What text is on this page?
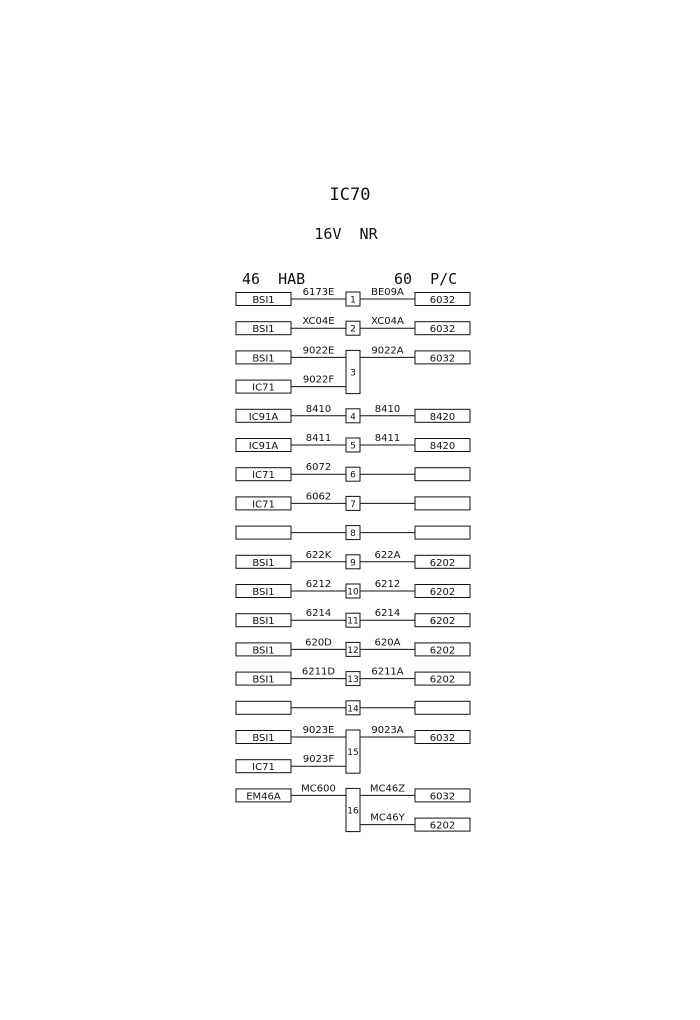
IC70
16V  NR
46  HAB	60  P/C
1
2
3
4
5
6
7
8
9
10
11
12
13
14
15
16
BSI1
6173E
BSI1
XC04E
BSI1
9022E
IC71
9022F
IC91A
8410
IC91A
8411
IC71
6072
IC71
6062
BSI1
622K
BSI1
6212
BSI1
6214
BSI1
620D
BSI1
6211D
BSI1
9023E
IC71
9023F
EM46A
MC600
6032
BE09A
6032
XC04A
6032
9022A
8420
8410
8420
8411
6202
622A
6202
6212
6202
6214
6202
620A
6202
6211A
6032
9023A
6032
MC46Z
6202
MC46Y
